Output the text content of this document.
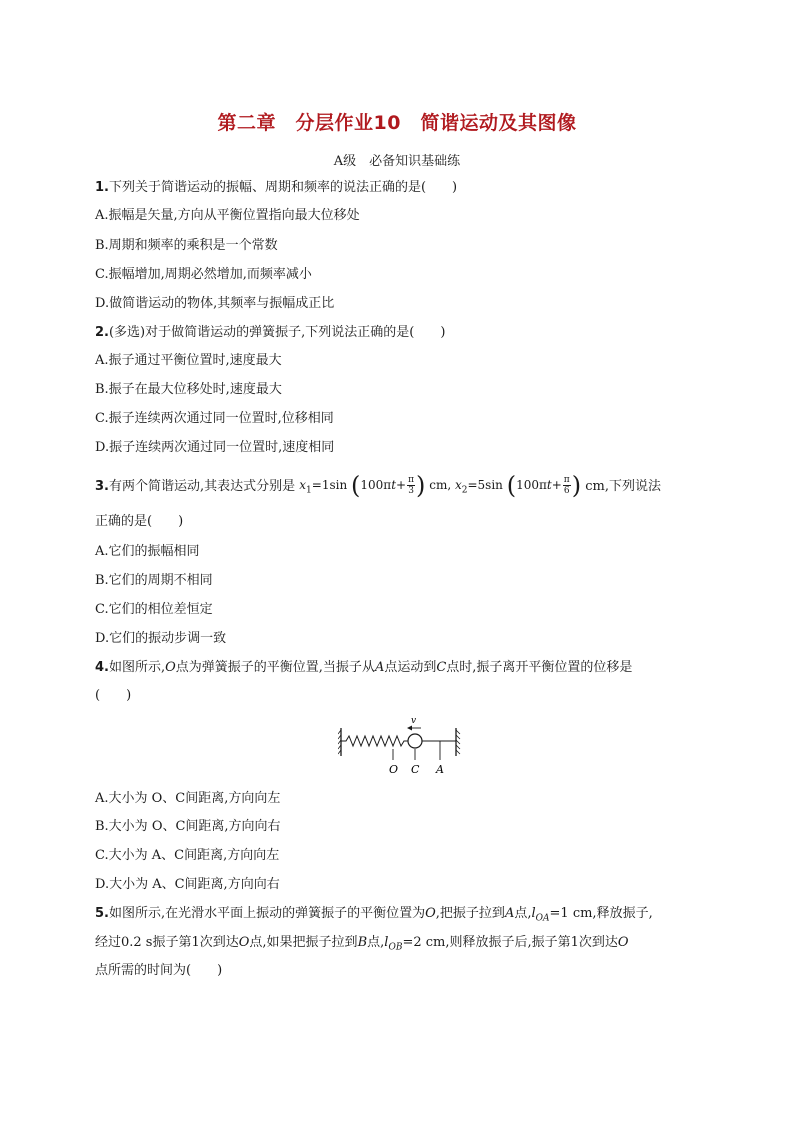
第二章　分层作业10　简谐运动及其图像
A级　必备知识基础练
1.下列关于简谐运动的振幅、周期和频率的说法正确的是(　　)
A.振幅是矢量,方向从平衡位置指向最大位移处
B.周期和频率的乘积是一个常数
C.振幅增加,周期必然增加,而频率减小
D.做简谐运动的物体,其频率与振幅成正比
2.(多选)对于做简谐运动的弹簧振子,下列说法正确的是(　　)
A.振子通过平衡位置时,速度最大
B.振子在最大位移处时,速度最大
C.振子连续两次通过同一位置时,位移相同
D.振子连续两次通过同一位置时,速度相同
3.有两个简谐运动,其表达式分别是 $x_1=1\sin$ ($100\pi t+ \frac{\pi}{3}$ ) cm, $x_2=5\sin$ ($100\pi t+ \frac{\pi}{6}$ ) cm,下列说法
正确的是(　　)
A.它们的振幅相同
B.它们的周期不相同
C.它们的相位差恒定
D.它们的振动步调一致
4.如图所示,O点为弹簧振子的平衡位置,当振子从A点运动到C点时,振子离开平衡位置的位移是
(　　)
v
O C A
A.大小为 O、C间距离,方向向左
B.大小为 O、C间距离,方向向右
C.大小为 A、C间距离,方向向左
D.大小为 A、C间距离,方向向右
5.如图所示,在光滑水平面上振动的弹簧振子的平衡位置为O,把振子拉到A点$,l_{OA}=1$ cm,释放振子,
经过0.2 s振子第1次到达O点,如果把振子拉到B点$,l_{OB}=2$ cm,则释放振子后,振子第1次到达O
点所需的时间为(　　)
